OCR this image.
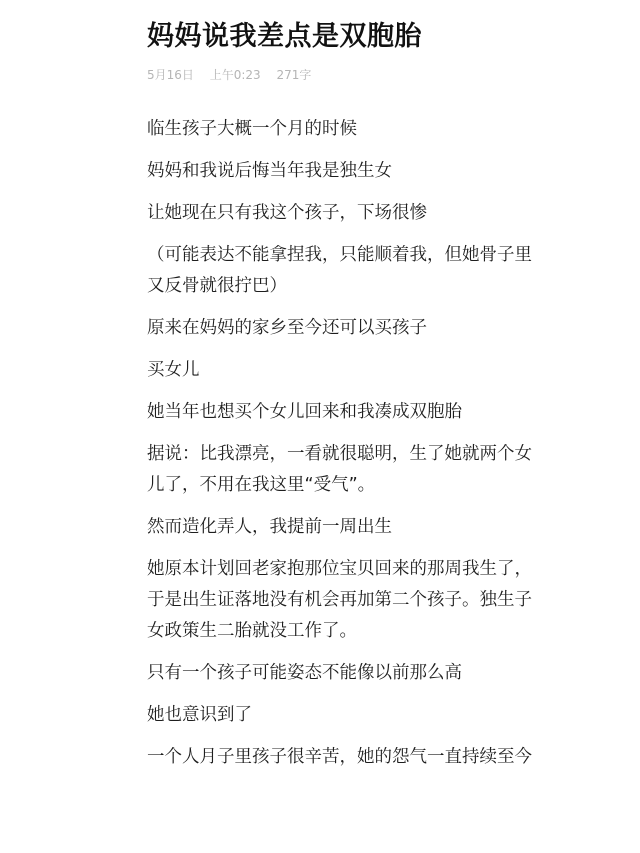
妈妈说我差点是双胞胎
5月16日 上午0:23 271字

临生孩子大概一个月的时候

妈妈和我说后悔当年我是独生女

让她现在只有我这个孩子，下场很惨

（可能表达不能拿捏我，只能顺着我，但她骨子里又反骨就很拧巴）

原来在妈妈的家乡至今还可以买孩子

买女儿

她当年也想买个女儿回来和我凑成双胞胎

据说：比我漂亮，一看就很聪明，生了她就两个女儿了，不用在我这里“受气”。

然而造化弄人，我提前一周出生

她原本计划回老家抱那位宝贝回来的那周我生了，于是出生证落地没有机会再加第二个孩子。独生子女政策生二胎就没工作了。

只有一个孩子可能姿态不能像以前那么高

她也意识到了

一个人月子里孩子很辛苦，她的怨气一直持续至今
